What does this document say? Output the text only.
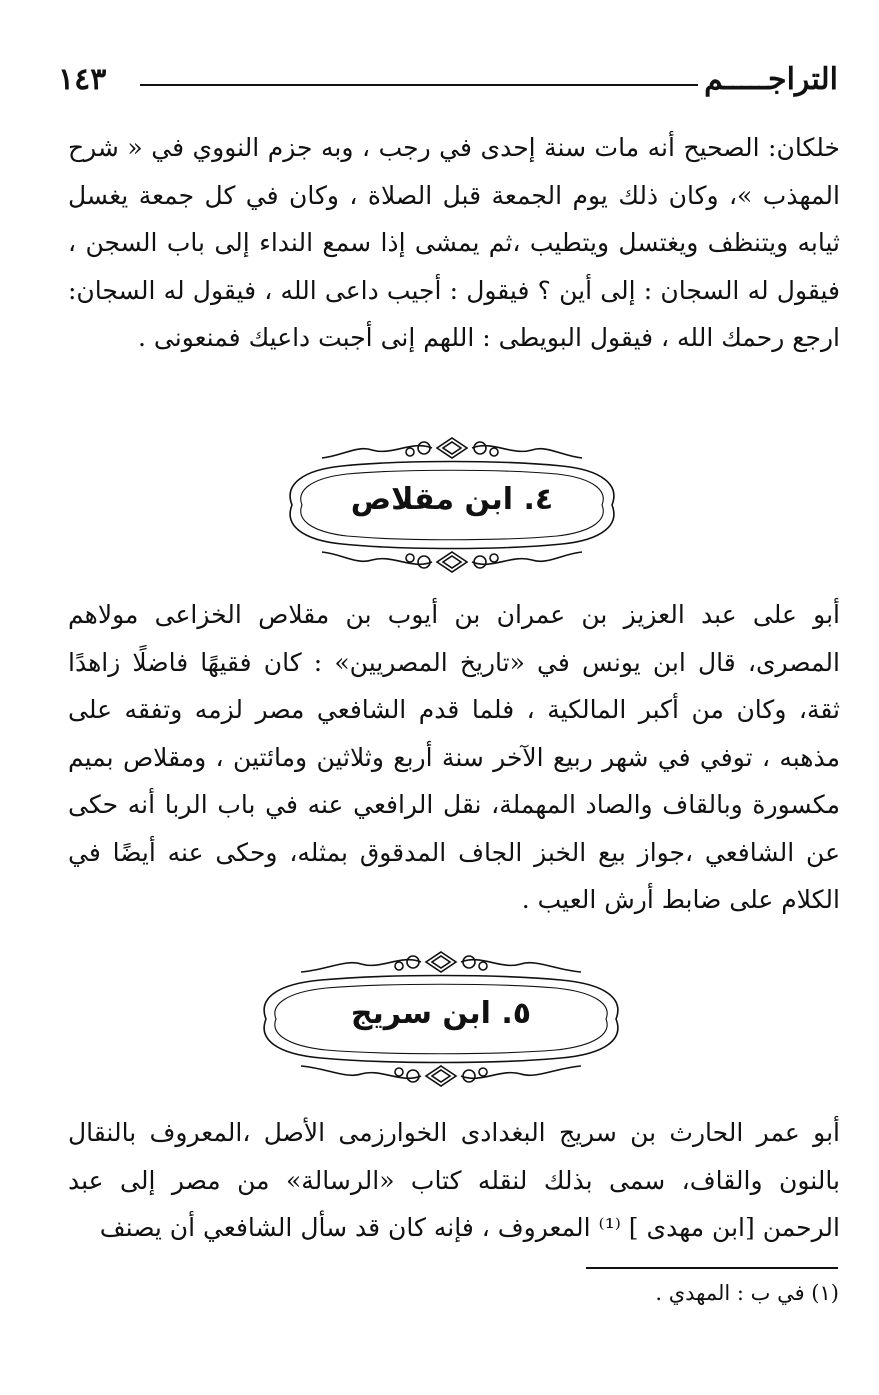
التراجـــــم
١٤٣
خلكان: الصحيح أنه مات سنة إحدى في رجب ، وبه جزم النووي في « شرح المهذب »، وكان ذلك يوم الجمعة قبل الصلاة ، وكان في كل جمعة يغسل ثيابه ويتنظف ويغتسل ويتطيب ،ثم يمشى إذا سمع النداء إلى باب السجن ، فيقول له السجان : إلى أين ؟ فيقول : أجيب داعى الله ، فيقول له السجان: ارجع رحمك الله ، فيقول البويطى : اللهم إنى أجبت داعيك فمنعونى .
٤. ابن مقلاص
أبو على عبد العزيز بن عمران بن أيوب بن مقلاص الخزاعى مولاهم المصرى، قال ابن يونس في «تاريخ المصريين» : كان فقيهًا فاضلًا زاهدًا ثقة، وكان من أكبر المالكية ، فلما قدم الشافعي مصر لزمه وتفقه على مذهبه ، توفي في شهر ربيع الآخر سنة أربع وثلاثين ومائتين ، ومقلاص بميم مكسورة وبالقاف والصاد المهملة، نقل الرافعي عنه في باب الربا أنه حكى عن الشافعي ،جواز بيع الخبز الجاف المدقوق بمثله، وحكى عنه أيضًا في الكلام على ضابط أرش العيب .
٥. ابن سريج
أبو عمر الحارث بن سريج البغدادى الخوارزمى الأصل ،المعروف بالنقال بالنون والقاف، سمى بذلك لنقله كتاب «الرسالة» من مصر إلى عبد الرحمن [ابن مهدى ] ⁽¹⁾ المعروف ، فإنه كان قد سأل الشافعي أن يصنف
(١) في ب : المهدي .
